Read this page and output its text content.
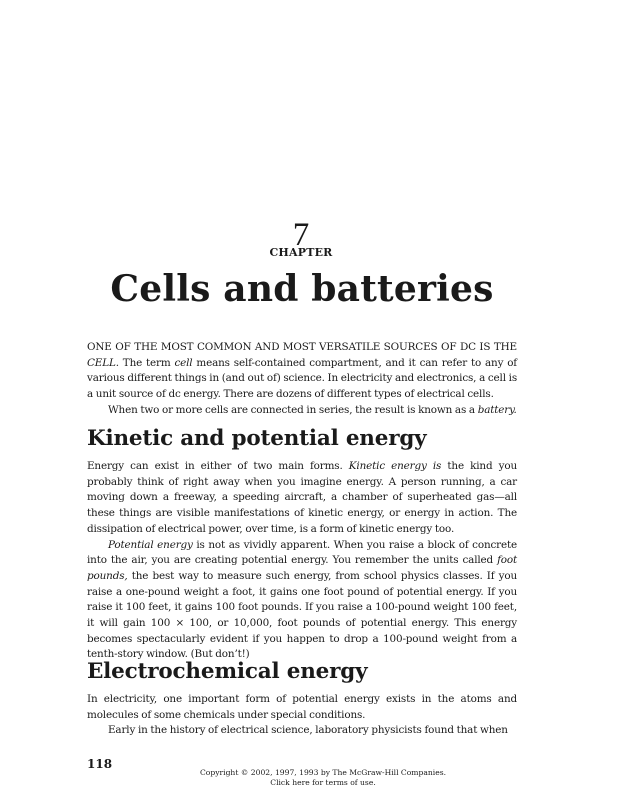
7
CHAPTER
Cells and batteries

ONE OF THE MOST COMMON AND MOST VERSATILE SOURCES OF DC IS THE CELL. The term cell means self-contained compartment, and it can refer to any of various different things in (and out of) science. In electricity and electronics, a cell is a unit source of dc energy. There are dozens of different types of electrical cells.

When two or more cells are connected in series, the result is known as a battery.

Kinetic and potential energy

Energy can exist in either of two main forms. Kinetic energy is the kind you probably think of right away when you imagine energy. A person running, a car moving down a freeway, a speeding aircraft, a chamber of superheated gas—all these things are visible manifestations of kinetic energy, or energy in action. The dissipation of electrical power, over time, is a form of kinetic energy too.

Potential energy is not as vividly apparent. When you raise a block of concrete into the air, you are creating potential energy. You remember the units called foot pounds, the best way to measure such energy, from school physics classes. If you raise a one-pound weight a foot, it gains one foot pound of potential energy. If you raise it 100 feet, it gains 100 foot pounds. If you raise a 100-pound weight 100 feet, it will gain 100 × 100, or 10,000, foot pounds of potential energy. This energy becomes spectacularly evident if you happen to drop a 100-pound weight from a tenth-story window. (But don’t!)

Electrochemical energy

In electricity, one important form of potential energy exists in the atoms and molecules of some chemicals under special conditions.

Early in the history of electrical science, laboratory physicists found that when

118
Copyright © 2002, 1997, 1993 by The McGraw-Hill Companies.
Click here for terms of use.
